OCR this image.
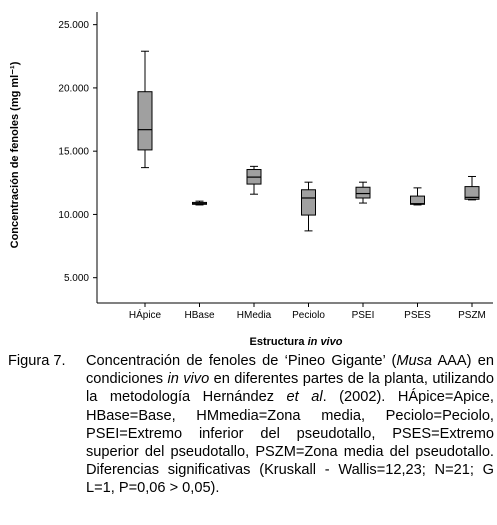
5.000
10.000
15.000
20.000
25.000
HÁpice HBase HMedia Peciolo	PSEI	PSES	PSZM
Concentración de fenoles (mg ml⁻¹)
Estructura in vivo
Figura 7. Concentración de fenoles de ‘Pineo Gigante’ (Musa AAA) en condiciones in vivo en diferentes partes de la planta, utilizando la metodología Hernández et al. (2002). HÁpice=Apice, HBase=Base, HMmedia=Zona media, Peciolo=Peciolo, PSEI=Extremo inferior del pseudotallo, PSES=Extremo superior del pseudotallo, PSZM=Zona media del pseudotallo. Diferencias significativas (Kruskall - Wallis=12,23; N=21; G L=1, P=0,06 > 0,05).
